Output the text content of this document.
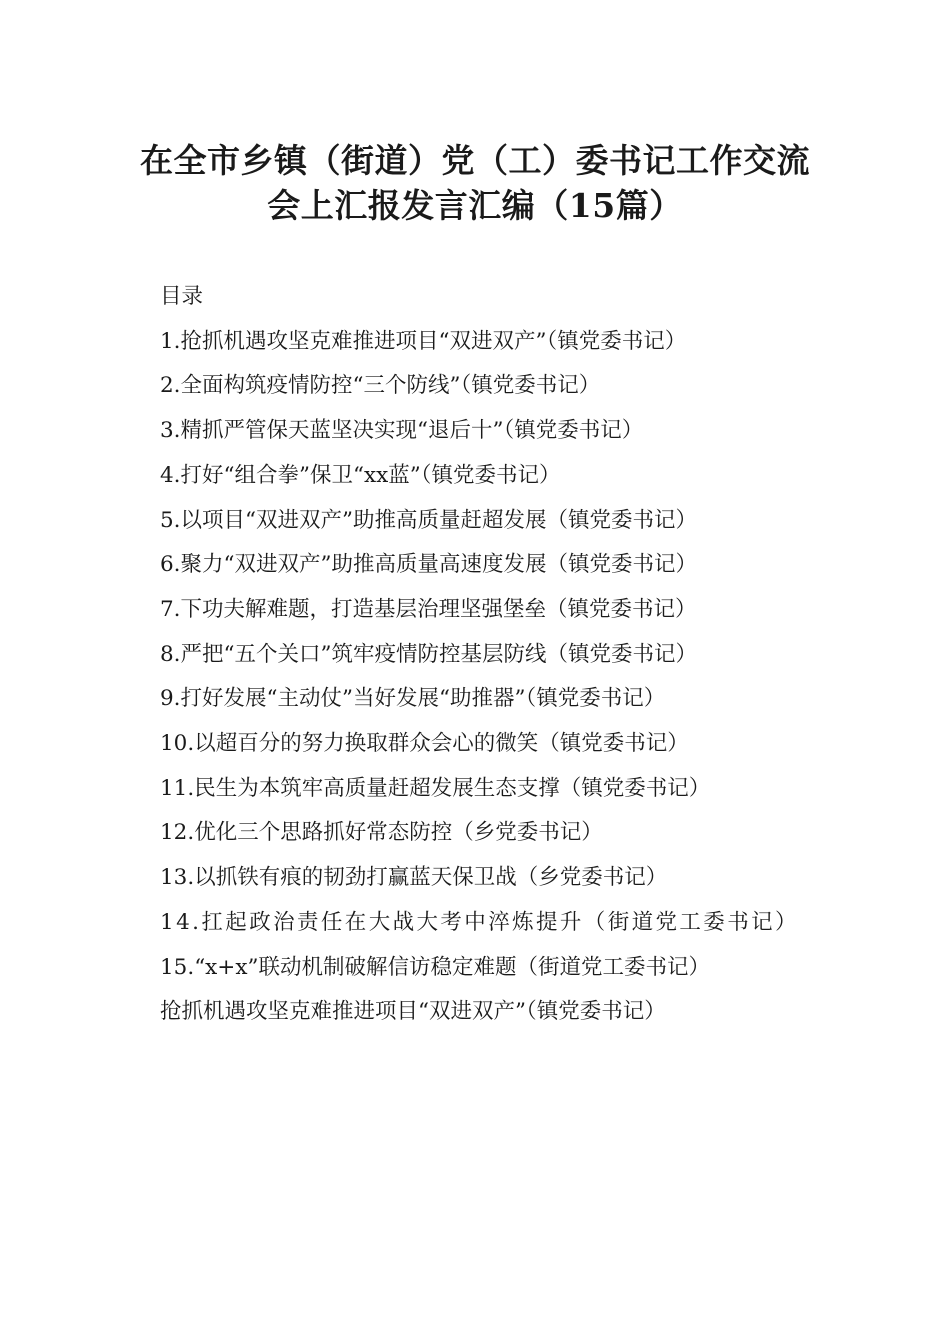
在全市乡镇（街道）党（工）委书记工作交流
会上汇报发言汇编（15篇）

目录

1.抢抓机遇攻坚克难推进项目“双进双产”（镇党委书记）

2.全面构筑疫情防控“三个防线”（镇党委书记）

3.精抓严管保天蓝坚决实现“退后十”（镇党委书记）

4.打好“组合拳”保卫“xx蓝”（镇党委书记）

5.以项目“双进双产”助推高质量赶超发展（镇党委书记）

6.聚力“双进双产”助推高质量高速度发展（镇党委书记）

7.下功夫解难题，打造基层治理坚强堡垒（镇党委书记）

8.严把“五个关口”筑牢疫情防控基层防线（镇党委书记）

9.打好发展“主动仗”当好发展“助推器”（镇党委书记）

10.以超百分的努力换取群众会心的微笑（镇党委书记）

11.民生为本筑牢高质量赶超发展生态支撑（镇党委书记）

12.优化三个思路抓好常态防控（乡党委书记）

13.以抓铁有痕的韧劲打赢蓝天保卫战（乡党委书记）

14.扛起政治责任在大战大考中淬炼提升（街道党工委书记）

15.“x+x”联动机制破解信访稳定难题（街道党工委书记）

抢抓机遇攻坚克难推进项目“双进双产”（镇党委书记）
